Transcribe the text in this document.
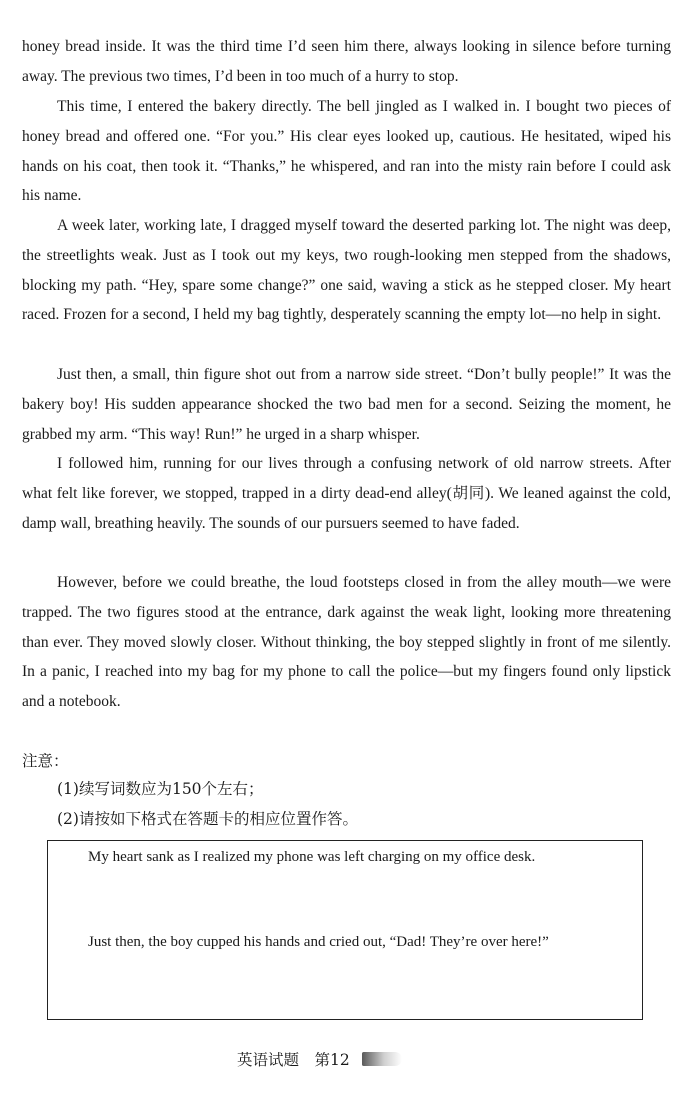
honey bread inside. It was the third time I’d seen him there, always looking in silence before turning away. The previous two times, I’d been in too much of a hurry to stop.

This time, I entered the bakery directly. The bell jingled as I walked in. I bought two pieces of honey bread and offered one. “For you.” His clear eyes looked up, cautious. He hesitated, wiped his hands on his coat, then took it. “Thanks,” he whispered, and ran into the misty rain before I could ask his name.

A week later, working late, I dragged myself toward the deserted parking lot. The night was deep, the streetlights weak. Just as I took out my keys, two rough-looking men stepped from the shadows, blocking my path. “Hey, spare some change?” one said, waving a stick as he stepped closer. My heart raced. Frozen for a second, I held my bag tightly, desperately scanning the empty lot—no help in sight.

Just then, a small, thin figure shot out from a narrow side street. “Don’t bully people!” It was the bakery boy! His sudden appearance shocked the two bad men for a second. Seizing the moment, he grabbed my arm. “This way! Run!” he urged in a sharp whisper.

I followed him, running for our lives through a confusing network of old narrow streets. After what felt like forever, we stopped, trapped in a dirty dead-end alley(胡同). We leaned against the cold, damp wall, breathing heavily. The sounds of our pursuers seemed to have faded.

However, before we could breathe, the loud footsteps closed in from the alley mouth—we were trapped. The two figures stood at the entrance, dark against the weak light, looking more threatening than ever. They moved slowly closer. Without thinking, the boy stepped slightly in front of me silently. In a panic, I reached into my bag for my phone to call the police—but my fingers found only lipstick and a notebook.

注意：

(1)续写词数应为150个左右；

(2)请按如下格式在答题卡的相应位置作答。

My heart sank as I realized my phone was left charging on my office desk.

Just then, the boy cupped his hands and cried out, “Dad! They’re over here!”

英语试题　第12
